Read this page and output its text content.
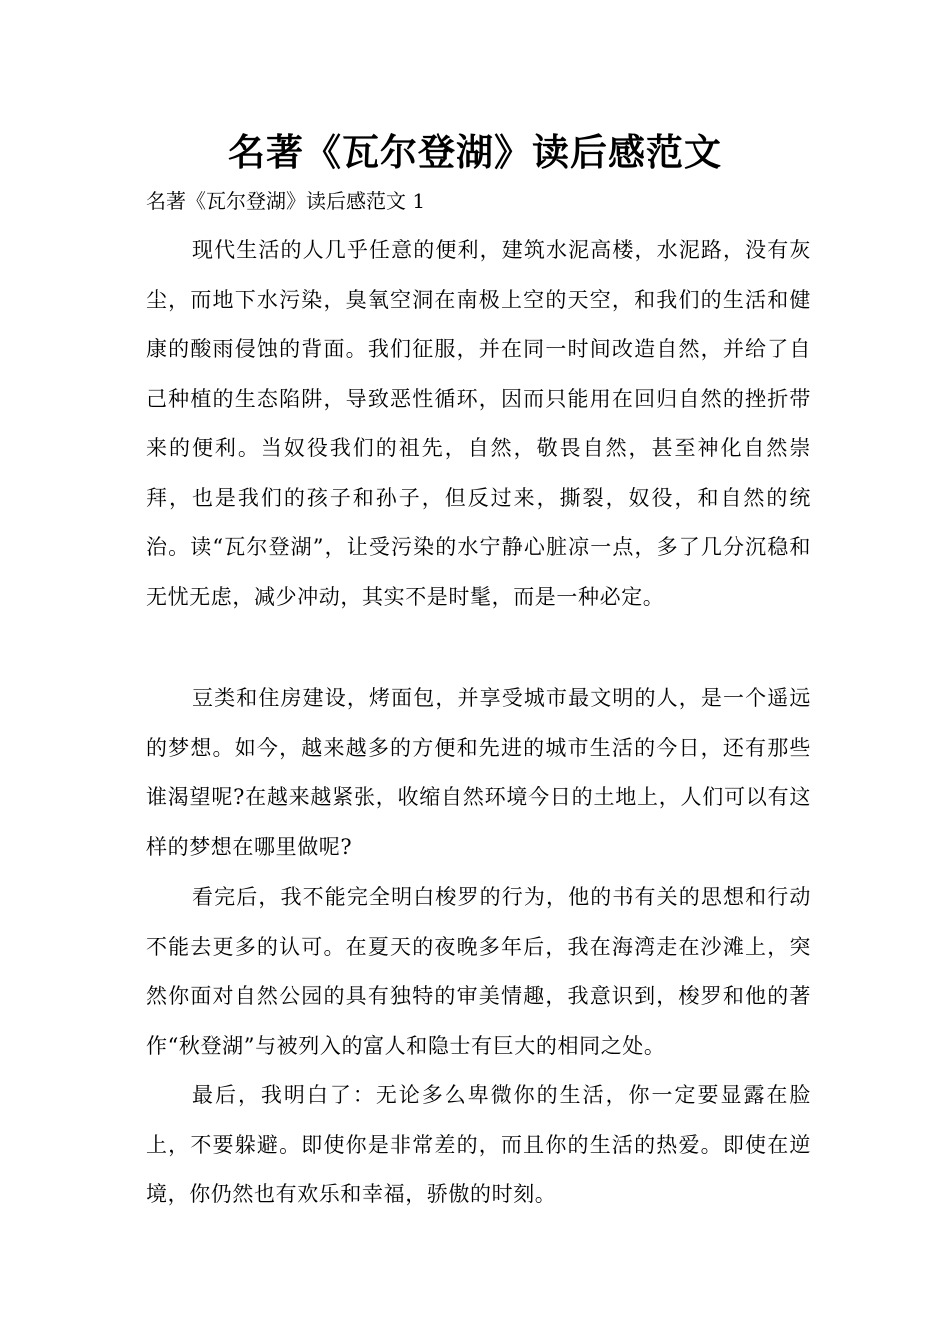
名著《瓦尔登湖》读后感范文

名著《瓦尔登湖》读后感范文 1

现代生活的人几乎任意的便利，建筑水泥高楼，水泥路，没有灰尘，而地下水污染，臭氧空洞在南极上空的天空，和我们的生活和健康的酸雨侵蚀的背面。我们征服，并在同一时间改造自然，并给了自己种植的生态陷阱，导致恶性循环，因而只能用在回归自然的挫折带来的便利。当奴役我们的祖先，自然，敬畏自然，甚至神化自然崇拜，也是我们的孩子和孙子，但反过来，撕裂，奴役，和自然的统治。读“瓦尔登湖”，让受污染的水宁静心脏凉一点，多了几分沉稳和无忧无虑，减少冲动，其实不是时髦，而是一种必定。

豆类和住房建设，烤面包，并享受城市最文明的人，是一个遥远的梦想。如今，越来越多的方便和先进的城市生活的今日，还有那些谁渴望呢?在越来越紧张，收缩自然环境今日的土地上，人们可以有这样的梦想在哪里做呢?

看完后，我不能完全明白梭罗的行为，他的书有关的思想和行动不能去更多的认可。在夏天的夜晚多年后，我在海湾走在沙滩上，突然你面对自然公园的具有独特的审美情趣，我意识到，梭罗和他的著作“秋登湖”与被列入的富人和隐士有巨大的相同之处。

最后，我明白了：无论多么卑微你的生活，你一定要显露在脸上，不要躲避。即使你是非常差的，而且你的生活的热爱。即使在逆境，你仍然也有欢乐和幸福，骄傲的时刻。
